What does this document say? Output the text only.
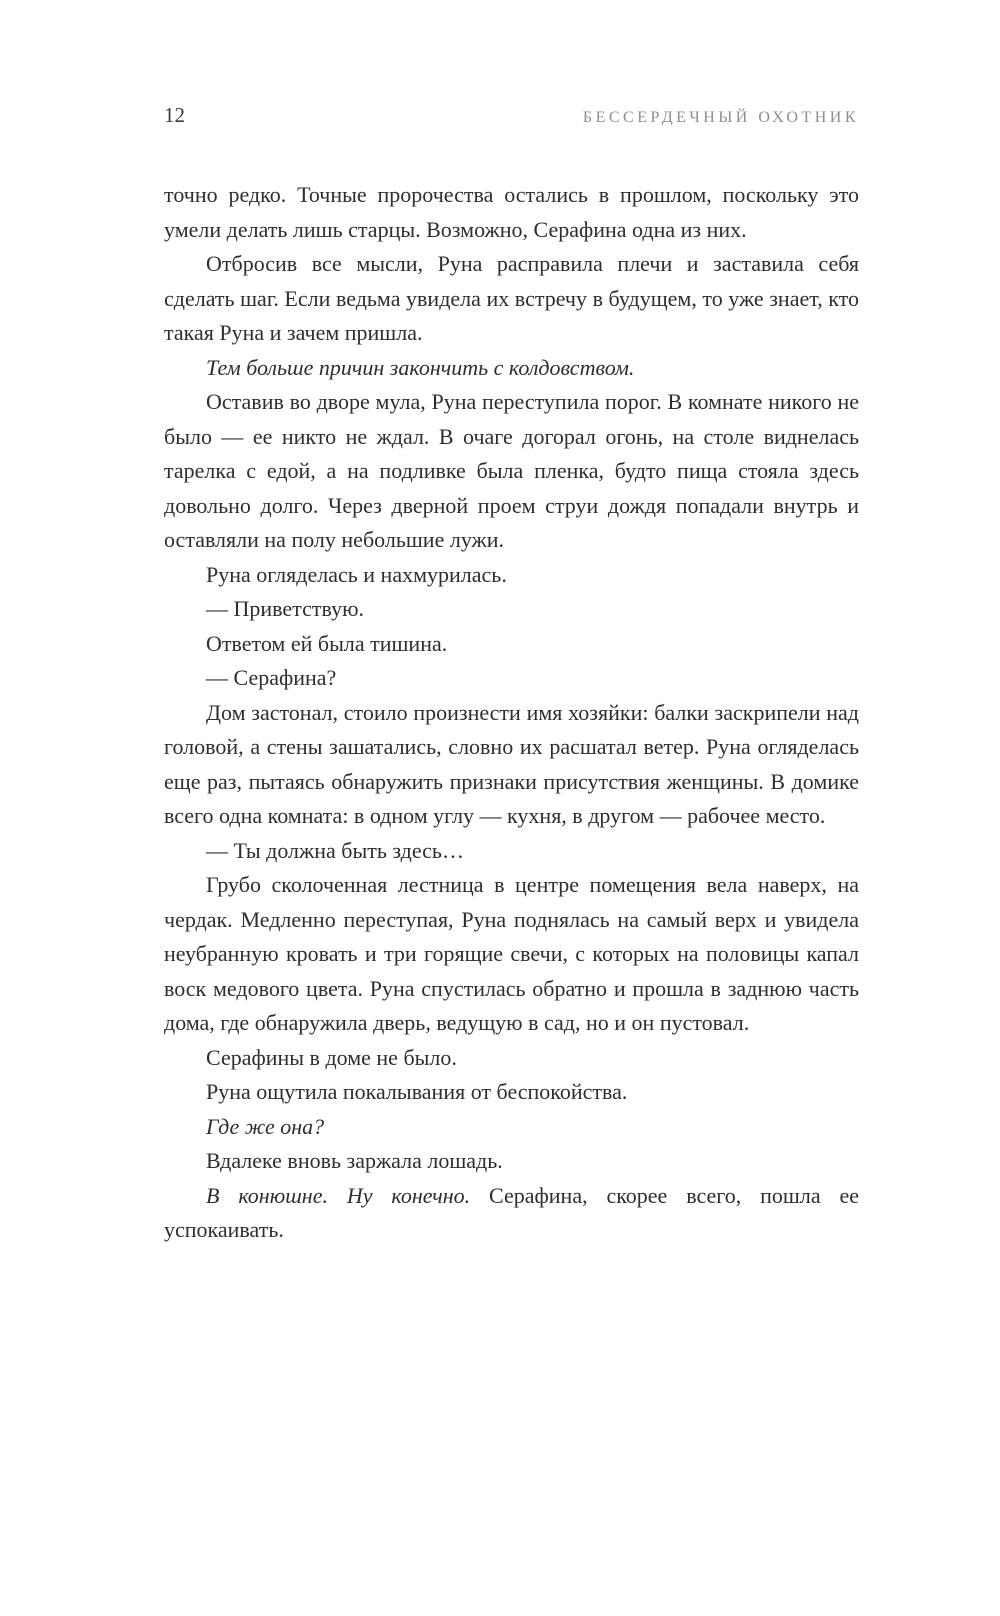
12	БЕССЕРДЕЧНЫЙ ОХОТНИК

точно редко. Точные пророчества остались в прошлом, поскольку это умели делать лишь старцы. Возможно, Серафина одна из них.

Отбросив все мысли, Руна расправила плечи и заставила себя сделать шаг. Если ведьма увидела их встречу в будущем, то уже знает, кто такая Руна и зачем пришла.

Тем больше причин закончить с колдовством.

Оставив во дворе мула, Руна переступила порог. В комнате никого не было — ее никто не ждал. В очаге догорал огонь, на столе виднелась тарелка с едой, а на подливке была пленка, будто пища стояла здесь довольно долго. Через дверной проем струи дождя попадали внутрь и оставляли на полу небольшие лужи.

Руна огляделась и нахмурилась.

— Приветствую.

Ответом ей была тишина.

— Серафина?

Дом застонал, стоило произнести имя хозяйки: балки заскрипели над головой, а стены зашатались, словно их расшатал ветер. Руна огляделась еще раз, пытаясь обнаружить признаки присутствия женщины. В домике всего одна комната: в одном углу — кухня, в другом — рабочее место.

— Ты должна быть здесь…

Грубо сколоченная лестница в центре помещения вела наверх, на чердак. Медленно переступая, Руна поднялась на самый верх и увидела неубранную кровать и три горящие свечи, с которых на половицы капал воск медового цвета. Руна спустилась обратно и прошла в заднюю часть дома, где обнаружила дверь, ведущую в сад, но и он пустовал.

Серафины в доме не было.

Руна ощутила покалывания от беспокойства.

Где же она?

Вдалеке вновь заржала лошадь.

В конюшне. Ну конечно. Серафина, скорее всего, пошла ее успокаивать.
